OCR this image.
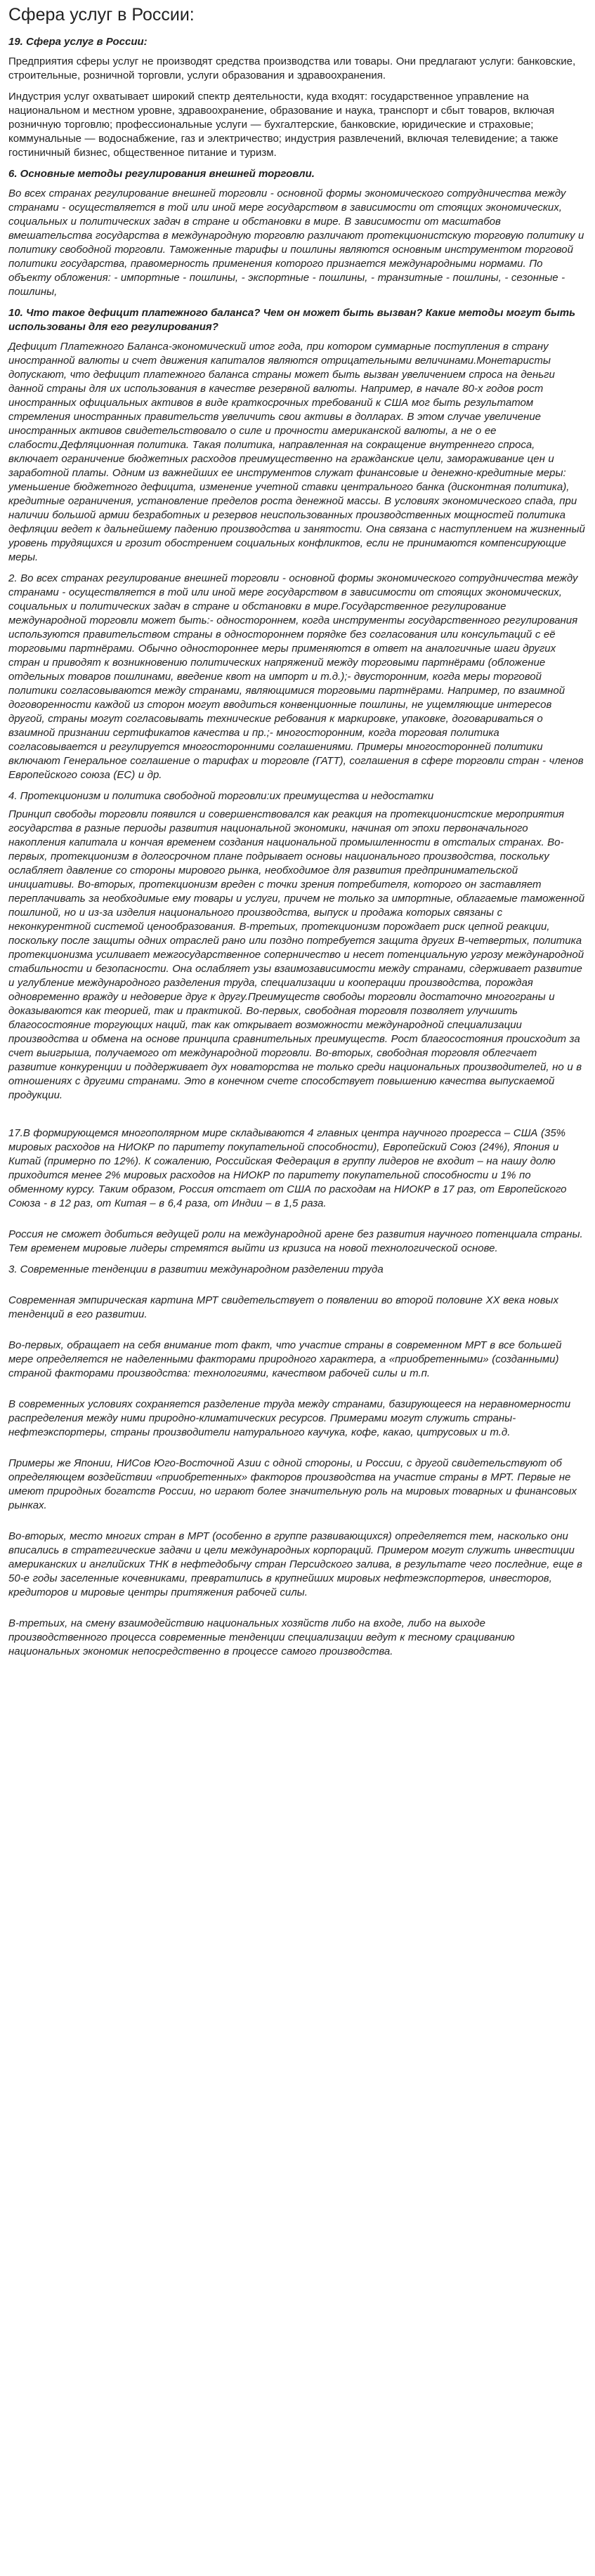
Сфера услуг в России:

19. Сфера услуг в России:

Предприятия сферы услуг не производят средства производства или товары. Они предлагают услуги: банковские, строительные, розничной торговли, услуги образования и здравоохранения.

Индустрия услуг охватывает широкий спектр деятельности, куда входят: государственное управление на национальном и местном уровне, здравоохранение, образование и наука, транспорт и сбыт товаров, включая розничную торговлю; профессиональные услуги — бухгалтерские, банковские, юридические и страховые; коммунальные — водоснабжение, газ и электричество; индустрия развлечений, включая телевидение; а также гостиничный бизнес, общественное питание и туризм.

6. Основные методы регулирования внешней торговли.

Во всех странах регулирование внешней торговли - основной формы экономического сотрудничества между странами - осуществляется в той или иной мере государством в зависимости от стоящих экономических, социальных и политических задач в стране и обстановки в мире. В зависимости от масштабов вмешательства государства в международную торговлю различают протекционистскую торговую политику и политику свободной торговли. Таможенные тарифы и пошлины являются основным инструментом торговой политики государства, правомерность применения которого признается международными нормами. По объекту обложения: - импортные - пошлины, - экспортные - пошлины, - транзитные - пошлины, - сезонные - пошлины,

10. Что такое дефицит платежного баланса? Чем он может быть вызван? Какие методы могут быть использованы для его регулирования?

Дефицит Платежного Баланса-экономический итог года, при котором суммарные поступления в страну иностранной валюты и счет движения капиталов являются отрицательными величинами.Монетаристы допускают, что дефицит платежного баланса страны может быть вызван увеличением спроса на деньги данной страны для их использования в качестве резервной валюты. Например, в начале 80-х годов рост иностранных официальных активов в виде краткосрочных требований к США мог быть результатом стремления иностранных правительств увеличить свои активы в долларах. В этом случае увеличение иностранных активов свидетельствовало о силе и прочности американской валюты, а не о ее слабости.Дефляционная политика. Такая политика, направленная на сокращение внутреннего спроса, включает ограничение бюджетных расходов преимущественно на гражданские цели, замораживание цен и заработной платы. Одним из важнейших ее инструментов служат финансовые и денежно-кредитные меры: уменьшение бюджетного дефицита, изменение учетной ставки центрального банка (дисконтная политика), кредитные ограничения, установление пределов роста денежной массы. В условиях экономического спада, при наличии большой армии безработных и резервов неиспользованных производственных мощностей политика дефляции ведет к дальнейшему падению производства и занятости. Она связана с наступлением на жизненный уровень трудящихся и грозит обострением социальных конфликтов, если не принимаются компенсирующие меры.

2. Во всех странах регулирование внешней торговли - основной формы экономического сотрудничества между странами - осуществляется в той или иной мере государством в зависимости от стоящих экономических, социальных и политических задач в стране и обстановки в мире.Государственное регулирование международной торговли может быть:- одностороннем, когда инструменты государственного регулирования используются правительством страны в одностороннем порядке без согласования или консультаций с её торговыми партнёрами. Обычно одностороннее меры применяются в ответ на аналогичные шаги других стран и приводят к возникновению политических напряжений между торговыми партнёрами (обложение отдельных товаров пошлинами, введение квот на импорт и т.д.);- двусторонним, когда меры торговой политики согласовываются между странами, являющимися торговыми партнёрами. Например, по взаимной договоренности каждой из сторон могут вводиться конвенционные пошлины, не ущемляющие интересов другой, страны могут согласовывать технические ребования к маркировке, упаковке, договариваться о взаимной признании сертификатов качества и пр.;- многосторонним, когда торговая политика согласовывается и регулируется многосторонними соглашениями. Примеры многосторонней политики включают Генеральное соглашение о тарифах и торговле (ГАТТ), соглашения в сфере торговли стран - членов Европейского союза (ЕС) и др.

4. Протекционизм и политика свободной торговли:их преимущества и недостатки

Принцип свободы торговли появился и совершенствовался как реакция на протекционистские мероприятия государства в разные периоды развития национальной экономики, начиная от эпохи первоначального накопления капитала и кончая временем создания национальной промышленности в отсталых странах. Во-первых, протекционизм в долгосрочном плане подрывает основы национального производства, поскольку ослабляет давление со стороны мирового рынка, необходимое для развития предпринимательской инициативы. Во-вторых, протекционизм вреден с точки зрения потребителя, которого он заставляет переплачивать за необходимые ему товары и услуги, причем не только за импортные, облагаемые таможенной пошлиной, но и из-за изделия национального производства, выпуск и продажа которых связаны с неконкурентной системой ценообразования. В-третьих, протекционизм порождает риск цепной реакции, поскольку после защиты одних отраслей рано или поздно потребуется защита других В-четвертых, политика протекционизма усиливает межгосударственное соперничество и несет потенциальную угрозу международной стабильности и безопасности. Она ослабляет узы взаимозависимости между странами, сдерживает развитие и углубление международного разделения труда, специализации и кооперации производства, порождая одновременно вражду и недоверие друг к другу.Преимуществ свободы торговли достаточно многограны и доказываются как теорией, так и практикой. Во-первых, свободная торговля позволяет улучшить благосостояние торгующих наций, так как открывает возможности международной специализации производства и обмена на основе принципа сравнительных преимуществ. Рост благосостояния происходит за счет выигрыша, получаемого от международной торговли. Во-вторых, свободная торговля облегчает развитие конкуренции и поддерживает дух новаторства не только среди национальных производителей, но и в отношениях с другими странами. Это в конечном счете способствует повышению качества выпускаемой продукции.

17.В формирующемся многополярном мире складываются 4 главных центра научного прогресса – США (35% мировых расходов на НИОКР по паритету покупательной способности), Европейский Союз (24%), Япония и Китай (примерно по 12%). К сожалению, Российская Федерация в группу лидеров не входит – на нашу долю приходится менее 2% мировых расходов на НИОКР по паритету покупательной способности и 1% по обменному курсу. Таким образом, Россия отстает от США по расходам на НИОКР в 17 раз, от Европейского Союза - в 12 раз, от Китая – в 6,4 раза, от Индии – в 1,5 раза.

Россия не сможет добиться ведущей роли на международной арене без развития научного потенциала страны. Тем временем мировые лидеры стремятся выйти из кризиса на новой технологической основе.

3. Современные тенденции в развитии международном разделении труда

Современная эмпирическая картина МРТ свидетельствует о появлении во второй половине ХХ века новых тенденций в его развитии.

Во-первых, обращает на себя внимание тот факт, что участие страны в современном МРТ в все большей мере определяется не наделенными факторами природного характера, а «приобретенными» (созданными) страной факторами производства: технологиями, качеством рабочей силы и т.п.

В современных условиях сохраняется разделение труда между странами, базирующееся на неравномерности распределения между ними природно-климатических ресурсов. Примерами могут служить страны-нефтеэкспортеры, страны производители натурального каучука, кофе, какао, цитрусовых и т.д.

Примеры же Японии, НИСов Юго-Восточной Азии с одной стороны, и России, с другой свидетельствуют об определяющем воздействии «приобретенных» факторов производства на участие страны в МРТ. Первые не имеют природных богатств России, но играют более значительную роль на мировых товарных и финансовых рынках.

Во-вторых, место многих стран в МРТ (особенно в группе развивающихся) определяется тем, насколько они вписались в стратегические задачи и цели международных корпораций. Примером могут служить инвестиции американских и английских ТНК в нефтедобычу стран Персидского залива, в результате чего последние, еще в 50-е годы заселенные кочевниками, превратились в крупнейших мировых нефтеэкспортеров, инвесторов, кредиторов и мировые центры притяжения рабочей силы.

В-третьих, на смену взаимодействию национальных хозяйств либо на входе, либо на выходе производственного процесса современные тенденции специализации ведут к тесному срациванию национальных экономик непосредственно в процессе самого производства.
